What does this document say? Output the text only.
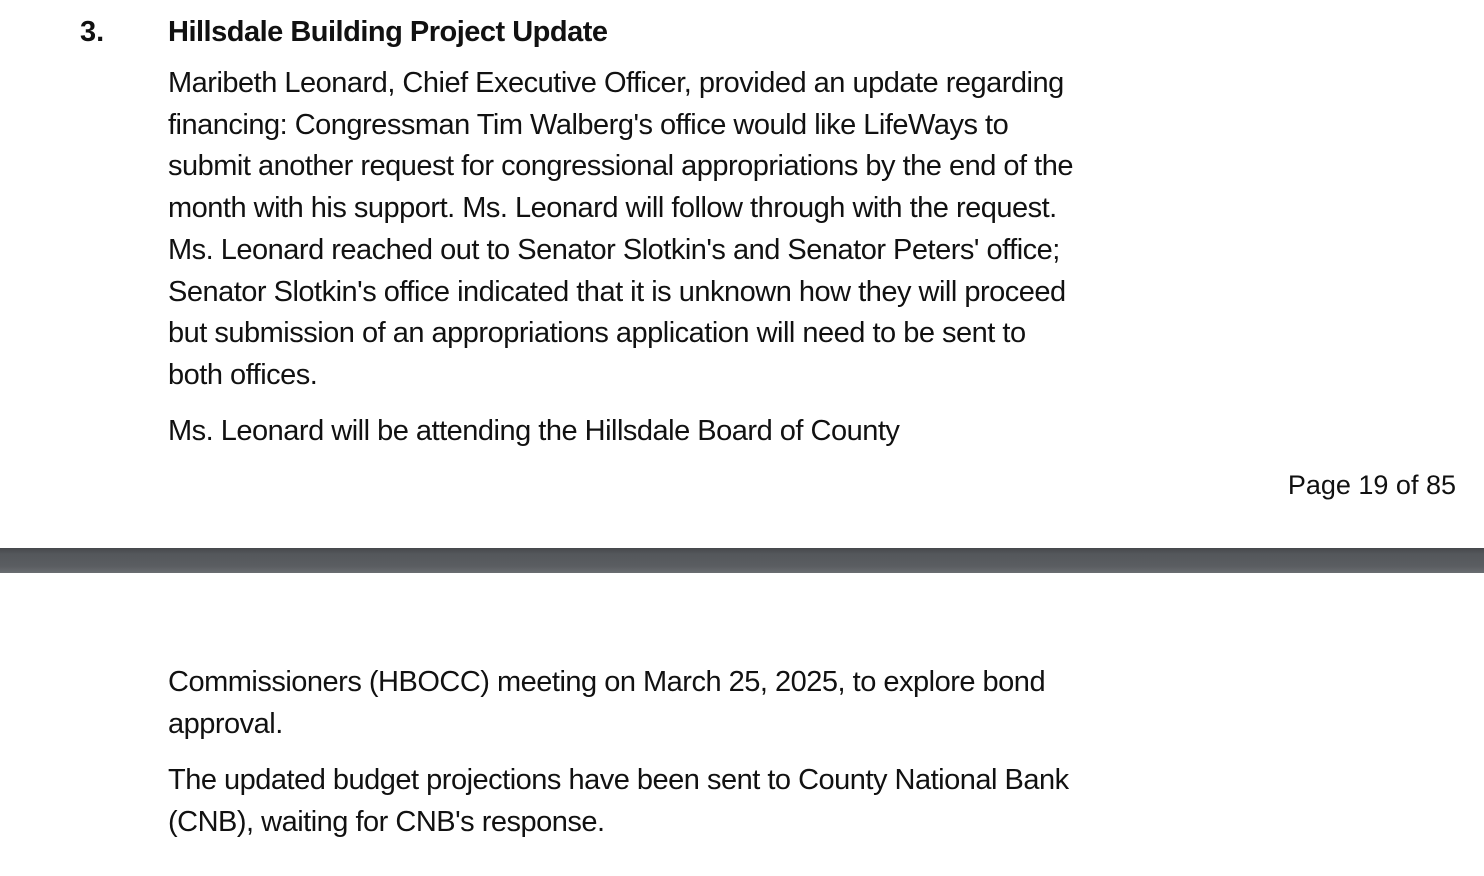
3. Hillsdale Building Project Update

Maribeth Leonard, Chief Executive Officer, provided an update regarding
financing: Congressman Tim Walberg's office would like LifeWays to
submit another request for congressional appropriations by the end of the
month with his support. Ms. Leonard will follow through with the request.
Ms. Leonard reached out to Senator Slotkin's and Senator Peters' office;
Senator Slotkin's office indicated that it is unknown how they will proceed
but submission of an appropriations application will need to be sent to
both offices.

Ms. Leonard will be attending the Hillsdale Board of County

Page 19 of 85

Commissioners (HBOCC) meeting on March 25, 2025, to explore bond
approval.

The updated budget projections have been sent to County National Bank
(CNB), waiting for CNB's response.
